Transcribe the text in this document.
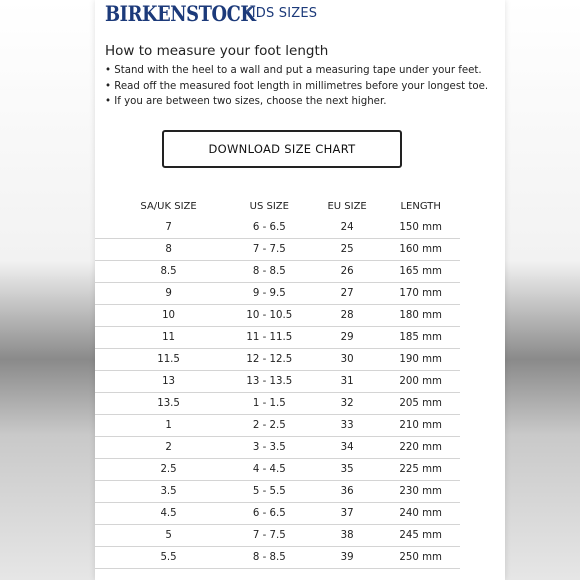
BIRKENSTOCK
KIDS SIZES
How to measure your foot length
• Stand with the heel to a wall and put a measuring tape under your feet.
• Read off the measured foot length in millimetres before your longest toe.
• If you are between two sizes, choose the next higher.
DOWNLOAD SIZE CHART
SA/UK SIZE	US SIZE	EU SIZE	LENGTH	
7	6 - 6.5	24	150 mm	
8	7 - 7.5	25	160 mm	
8.5	8 - 8.5	26	165 mm	
9	9 - 9.5	27	170 mm	
10	10 - 10.5	28	180 mm	
11	11 - 11.5	29	185 mm	
11.5	12 - 12.5	30	190 mm	
13	13 - 13.5	31	200 mm	
13.5	1 - 1.5	32	205 mm	
1	2 - 2.5	33	210 mm	
2	3 - 3.5	34	220 mm	
2.5	4 - 4.5	35	225 mm	
3.5	5 - 5.5	36	230 mm	
4.5	6 - 6.5	37	240 mm	
5	7 - 7.5	38	245 mm	
5.5	8 - 8.5	39	250 mm	
